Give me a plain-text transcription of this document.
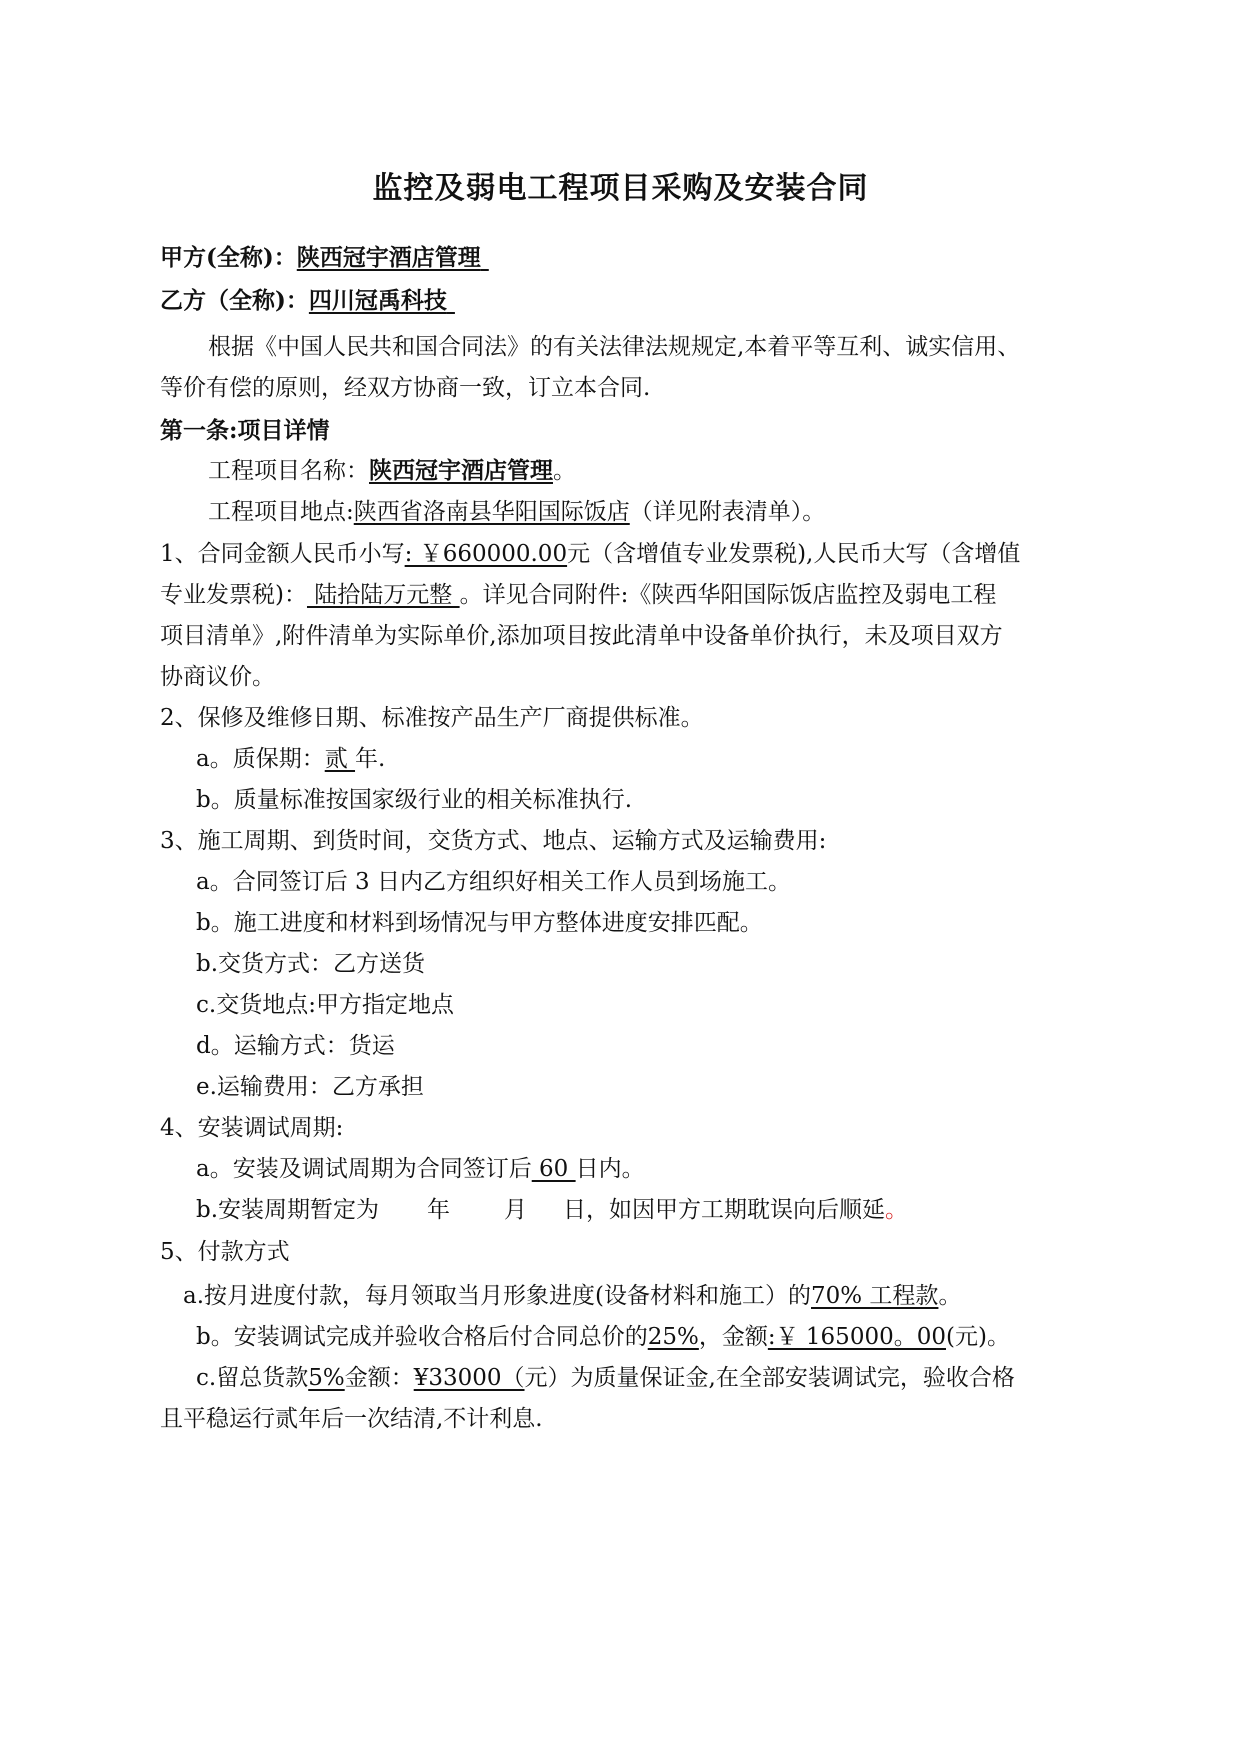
监控及弱电工程项目采购及安装合同
甲方(全称)：陕西冠宇酒店管理
乙方（全称)：四川冠禹科技
根据《中国人民共和国合同法》的有关法律法规规定,本着平等互利、诚实信用、
等价有偿的原则，经双方协商一致，订立本合同.
第一条:项目详情
工程项目名称：陕西冠宇酒店管理。
工程项目地点:陕西省洛南县华阳国际饭店（详见附表清单）。
1、合同金额人民币小写: ￥660000.00元（含增值专业发票税),人民币大写（含增值
专业发票税)： 陆拾陆万元整 。详见合同附件:《陕西华阳国际饭店监控及弱电工程
项目清单》,附件清单为实际单价,添加项目按此清单中设备单价执行，未及项目双方
协商议价。
2、保修及维修日期、标准按产品生产厂商提供标准。
a。质保期：贰 年.
b。质量标准按国家级行业的相关标准执行.
3、施工周期、到货时间，交货方式、地点、运输方式及运输费用:
a。合同签订后 3 日内乙方组织好相关工作人员到场施工。
b。施工进度和材料到场情况与甲方整体进度安排匹配。
b.交货方式：乙方送货
c.交货地点:甲方指定地点
d。运输方式：货运
e.运输费用：乙方承担
4、安装调试周期:
a。安装及调试周期为合同签订后 60 日内。
b.安装周期暂定为 年 月 日，如因甲方工期耽误向后顺延。
5、付款方式
a.按月进度付款，每月领取当月形象进度(设备材料和施工）的70% 工程款。
b。安装调试完成并验收合格后付合同总价的25%，金额:￥ 165000。00(元)。
c.留总货款5%金额：¥33000（元）为质量保证金,在全部安装调试完，验收合格
且平稳运行贰年后一次结清,不计利息.
